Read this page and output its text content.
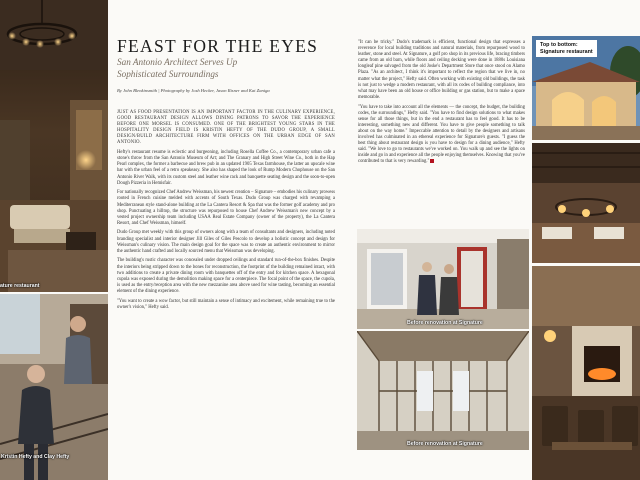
ature restaurant
Kristin Hefty and Clay Hefty
FEAST FOR THE EYES
San Antonio Architect Serves Up
Sophisticated Surroundings
By John Blenkinsmith | Photography by Josh Hecker, Jason Risner and Kat Zaniga

JUST AS FOOD PRESENTATION IS AN IMPORTANT FACTOR IN THE CULINARY EXPERIENCE, GOOD RESTAURANT DESIGN ALLOWS DINING PATRONS TO SAVOR THE EXPERIENCE BEFORE ONE MORSEL IS CONSUMED. ONE OF THE BRIGHTEST YOUNG STARS IN THE HOSPITALITY DESIGN FIELD IS KRISTIN HEFTY OF THE DUDO GROUP, A SMALL DESIGN/BUILD ARCHITECTURE FIRM WITH OFFICES ON THE URBAN EDGE OF SAN ANTONIO.

Hefty's restaurant resume is eclectic and burgeoning, including Rosella Coffee Co., a contemporary urban cafe a stone's throw from the San Antonio Museum of Art; and The Granary and High Street Wine Co., both in the Hap Pearl complex, the former a barbecue and brew pub in an updated 1905 Texas farmhouse, the latter an upscale wine bar with the urban feel of a retro speakeasy. She also has shaped the look of Rump Modern Chophouse on the San Antonio River Walk, with its custom steel and leather wine rack and banquette seating design and the soon-to-open Dough Pizzeria in Hemisfair.

For nationally recognized Chef Andrew Weissman, his newest creation – Signature – embodies his culinary prowess rooted in French cuisine melded with accents of South Texas. Dudo Group was charged with revamping a Mediterranean style stand-alone building at the La Cantera Resort & Spa that was the former golf academy and pro shop. Punctuating a hilltop, the structure was repurposed to house Chef Andrew Weissman's new concept by a vested project ownership team including USAA Real Estate Company (owner of the property), the La Cantera Resort, and Chef Weissman, himself.

Dudo Group met weekly with this group of owners along with a team of consultants and designers, including noted branding specialist and interior designer Jill Giles of Giles Pescolo to develop a holistic concept and design for Weissman's culinary vision. The main design goal for the space was to create an authentic environment to mirror the authentic hand crafted and locally sourced menu that Weissman was developing.

The building's rustic character was concealed under dropped ceilings and standard run-of-the-box finishes. Despite the interiors being stripped down to the bones for reconstruction, the footprint of the building remained intact, with two additions to create a private dining room with banquettes off of the entry and for kitchen space. A hexagonal cupola was exposed during the demolition making space for a centerpiece. The focal point of the space, the cupola, is used as the entry/reception area with the new mezzanine area above used for wine tasting, becoming an essential element of the dining experience.

"You want to create a wow factor, but still maintain a sense of intimacy and excitement, while remaining true to the owner's vision," Hefty said.

"It can be tricky." Dudo's trademark is efficient, functional design that expresses a reverence for local building traditions and natural materials, from repurposed wood to leather, stone and steel. At Signature, a golf pro shop in its previous life, bracing timbers came from an old barn, while floors and ceiling decking were done in 1880s Louisiana longleaf pine salvaged from the old Joske's Department Store that once stood on Alamo Plaza. "As an architect, I think it's important to reflect the region that we live in, no matter what the project," Hefty said. Often working with existing old buildings, the task is not just to wedge a modern restaurant, with all its codes of building compliance, into what may have been an old house or office building or gas station, but to make a space memorable.

"You have to take into account all the elements — the concept, the budget, the building codes, the surroundings," Hefty said. "You have to find design solutions to what makes sense for all those things, but in the end a restaurant has to feel good. It has to be interesting, something new and different. You have to give people something to talk about on the way home." Impeccable attention to detail by the designers and artisans involved has culminated in an ethereal experience for Signature's guests. "I guess the best thing about restaurant design is you have to design for a dining audience," Hefty said. "We love to go to restaurants we've worked on. You walk up and see the lights on inside and go in and experience all the people enjoying themselves. Knowing that you've contributed to that is very rewarding."

Before renovation at Signature
Before renovation at Signature
Top to bottom:
Signature restaurant
